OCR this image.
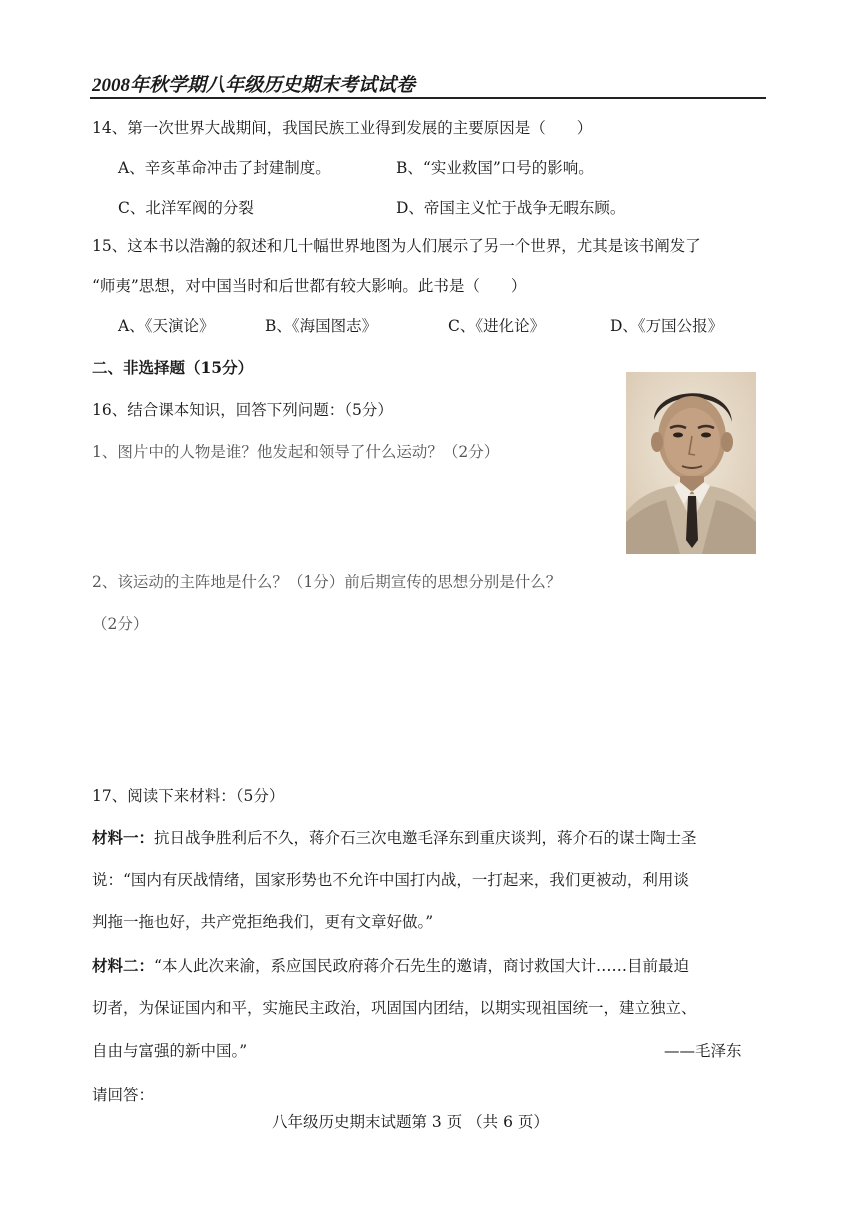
2008年秋学期八年级历史期末考试试卷
14、第一次世界大战期间，我国民族工业得到发展的主要原因是（　　）
A、辛亥革命冲击了封建制度。	B、“实业救国”口号的影响。
C、北洋军阀的分裂	D、帝国主义忙于战争无暇东顾。
15、这本书以浩瀚的叙述和几十幅世界地图为人们展示了另一个世界，尤其是该书阐发了
“师夷”思想，对中国当时和后世都有较大影响。此书是（　　）
A、《天演论》	B、《海国图志》	C、《进化论》	D、《万国公报》
二、非选择题（15分）
16、结合课本知识，回答下列问题：（5分）
1、图片中的人物是谁？他发起和领导了什么运动？（2分）
2、该运动的主阵地是什么？（1分）前后期宣传的思想分别是什么？
（2分）
17、阅读下来材料：（5分）
材料一：抗日战争胜利后不久，蒋介石三次电邀毛泽东到重庆谈判，蒋介石的谋士陶士圣
说：“国内有厌战情绪，国家形势也不允许中国打内战，一打起来，我们更被动，利用谈
判拖一拖也好，共产党拒绝我们，更有文章好做。”
材料二：“本人此次来渝，系应国民政府蒋介石先生的邀请，商讨救国大计……目前最迫
切者，为保证国内和平，实施民主政治，巩固国内团结，以期实现祖国统一，建立独立、
自由与富强的新中国。”	——毛泽东
请回答：
八年级历史期末试题第 3 页 （共 6 页）
